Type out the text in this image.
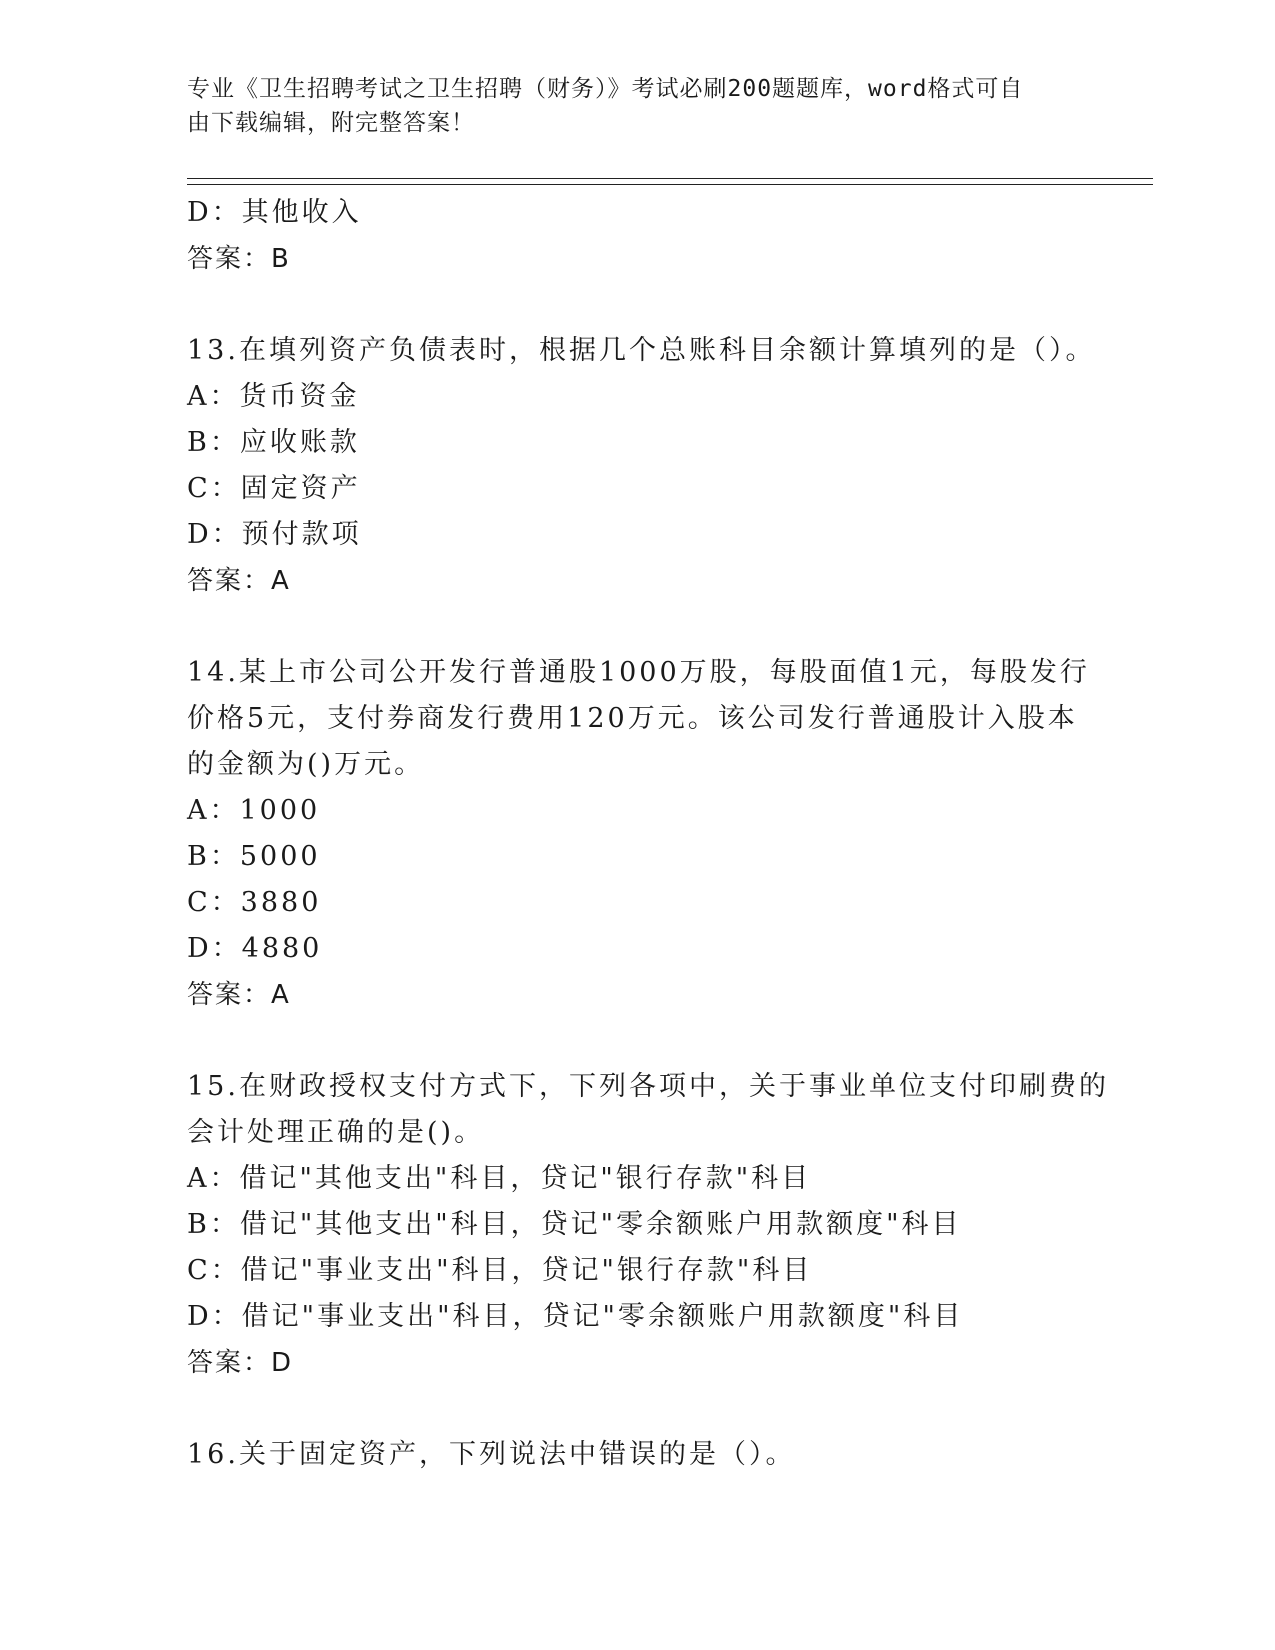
专业《卫生招聘考试之卫生招聘（财务）》考试必刷200题题库，word格式可自
由下载编辑，附完整答案！
D：其他收入
答案：B
13.在填列资产负债表时，根据几个总账科目余额计算填列的是（）。
A：货币资金
B：应收账款
C：固定资产
D：预付款项
答案：A
14.某上市公司公开发行普通股1000万股，每股面值1元，每股发行
价格5元，支付券商发行费用120万元。该公司发行普通股计入股本
的金额为()万元。
A：1000
B：5000
C：3880
D：4880
答案：A
15.在财政授权支付方式下，下列各项中，关于事业单位支付印刷费的
会计处理正确的是()。
A：借记"其他支出"科目，贷记"银行存款"科目
B：借记"其他支出"科目，贷记"零余额账户用款额度"科目
C：借记"事业支出"科目，贷记"银行存款"科目
D：借记"事业支出"科目，贷记"零余额账户用款额度"科目
答案：D
16.关于固定资产，下列说法中错误的是（）。
